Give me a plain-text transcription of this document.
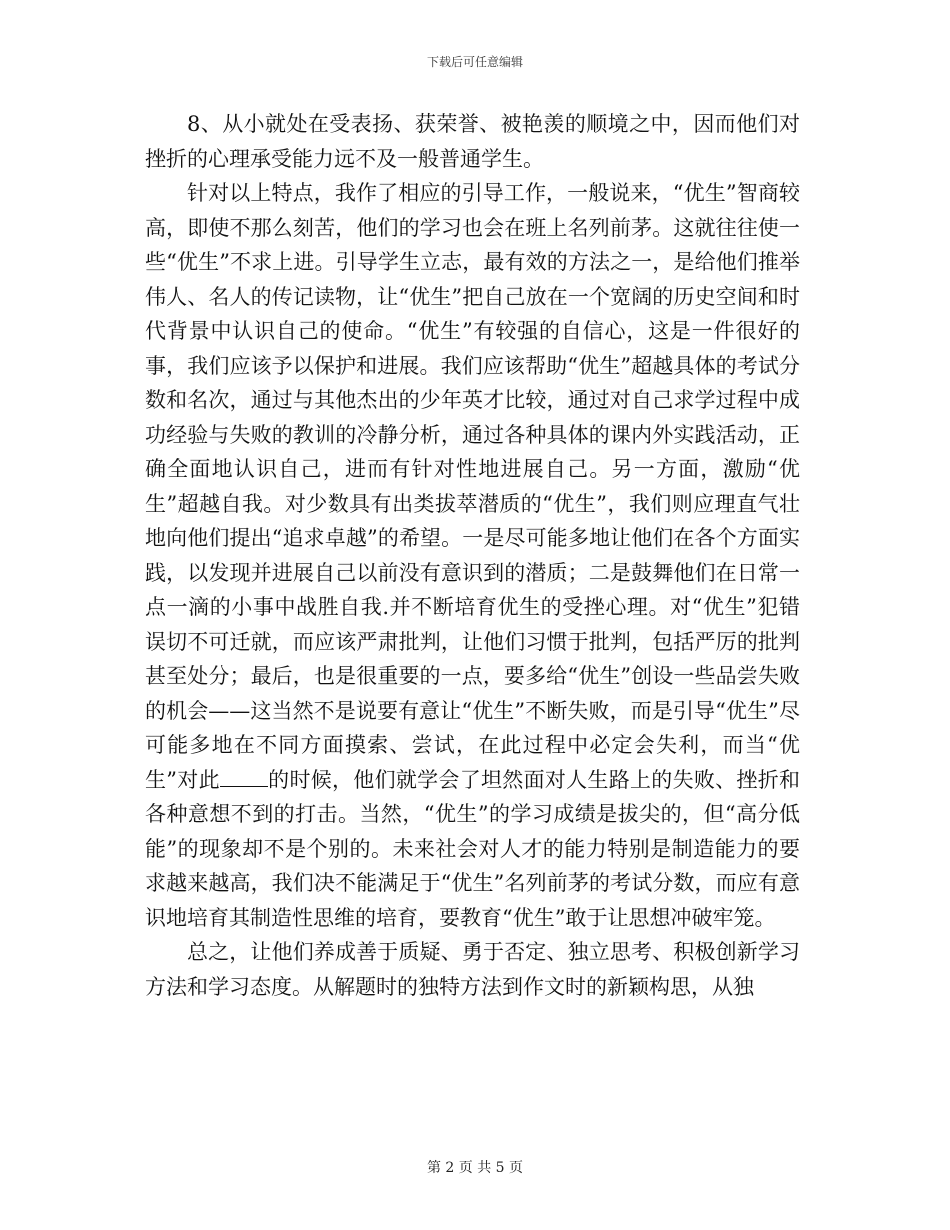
下载后可任意编辑

8、从小就处在受表扬、获荣誉、被艳羡的顺境之中，因而他们对挫折的心理承受能力远不及一般普通学生。

针对以上特点，我作了相应的引导工作，一般说来，“优生”智商较高，即使不那么刻苦，他们的学习也会在班上名列前茅。这就往往使一些“优生”不求上进。引导学生立志，最有效的方法之一，是给他们推举伟人、名人的传记读物，让“优生”把自己放在一个宽阔的历史空间和时代背景中认识自己的使命。“优生”有较强的自信心，这是一件很好的事，我们应该予以保护和进展。我们应该帮助“优生”超越具体的考试分数和名次，通过与其他杰出的少年英才比较，通过对自己求学过程中成功经验与失败的教训的冷静分析，通过各种具体的课内外实践活动，正确全面地认识自己，进而有针对性地进展自己。另一方面，激励“优生”超越自我。对少数具有出类拔萃潜质的“优生”，我们则应理直气壮地向他们提出“追求卓越”的希望。一是尽可能多地让他们在各个方面实践，以发现并进展自己以前没有意识到的潜质；二是鼓舞他们在日常一点一滴的小事中战胜自我.并不断培育优生的受挫心理。对“优生”犯错误切不可迁就，而应该严肃批判，让他们习惯于批判，包括严厉的批判甚至处分；最后，也是很重要的一点，要多给“优生”创设一些品尝失败的机会——这当然不是说要有意让“优生”不断失败，而是引导“优生”尽可能多地在不同方面摸索、尝试，在此过程中必定会失利，而当“优生”对此 的时候，他们就学会了坦然面对人生路上的失败、挫折和各种意想不到的打击。当然，“优生”的学习成绩是拔尖的，但“高分低能”的现象却不是个别的。未来社会对人才的能力特别是制造能力的要求越来越高，我们决不能满足于“优生”名列前茅的考试分数，而应有意识地培育其制造性思维的培育，要教育“优生”敢于让思想冲破牢笼。

总之，让他们养成善于质疑、勇于否定、独立思考、积极创新学习方法和学习态度。从解题时的独特方法到作文时的新颖构思，从独

第 2 页 共 5 页
